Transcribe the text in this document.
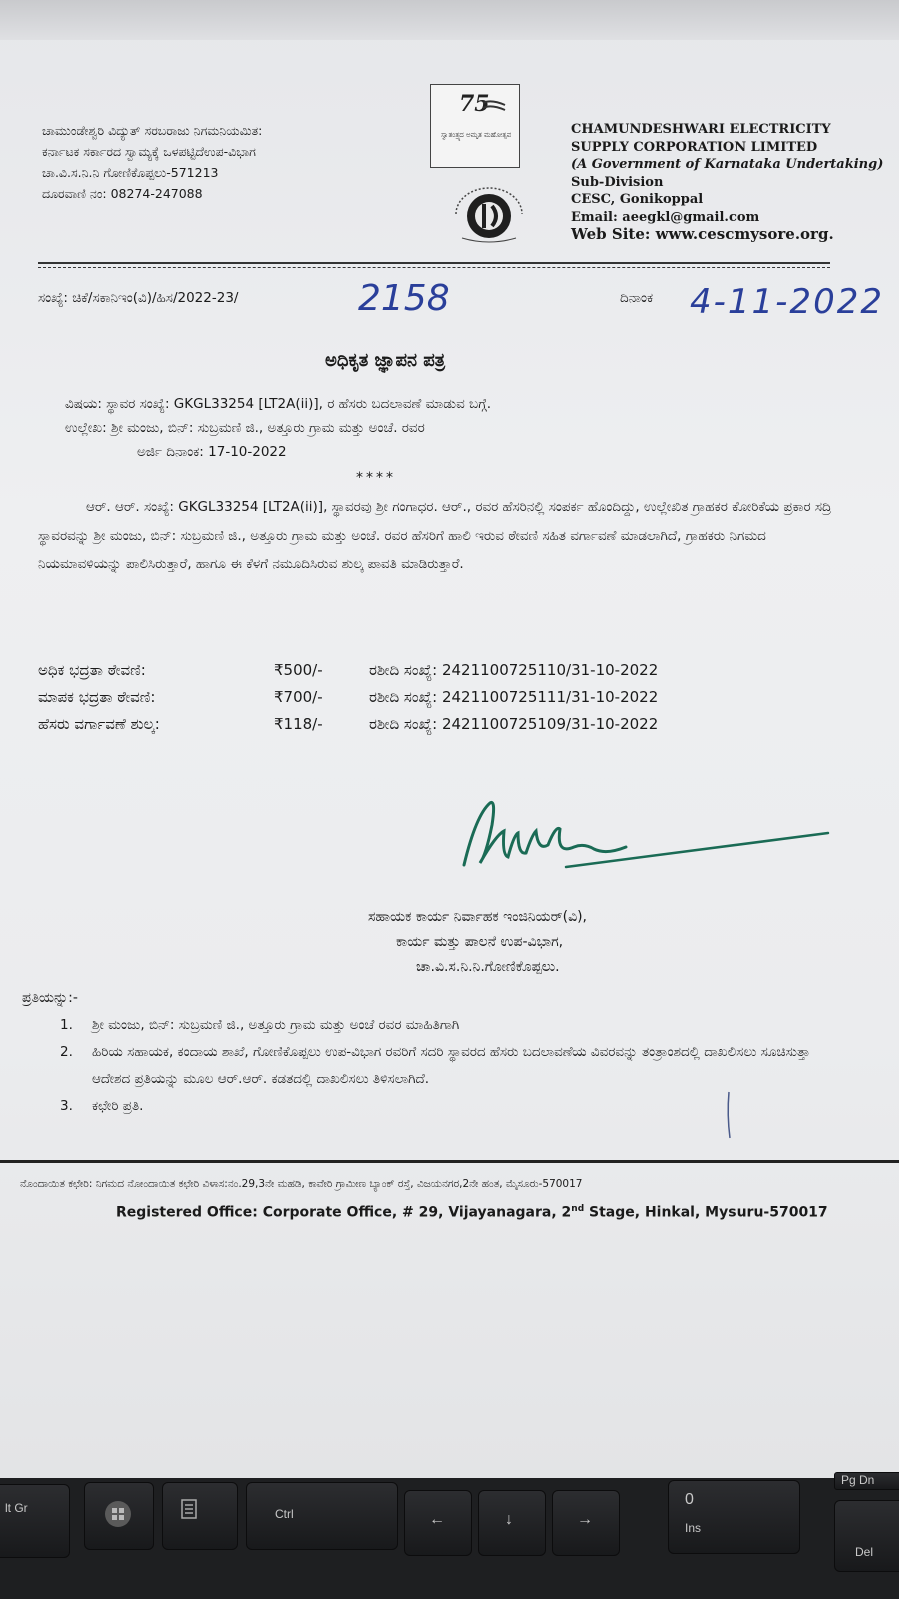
ಚಾಮುಂಡೇಶ್ವರಿ ವಿದ್ಯುತ್ ಸರಬರಾಜು ನಿಗಮನಿಯಮಿತ:
ಕರ್ನಾಟಕ ಸರ್ಕಾರದ ಸ್ವಾಮ್ಯಕ್ಕೆ ಒಳಪಟ್ಟಿದೆಉಪ-ವಿಭಾಗ
ಚಾ.ವಿ.ಸ.ನಿ.ನಿ ಗೋಣಿಕೊಪ್ಪಲು-571213
ದೂರವಾಣಿ ನಂ: 08274-247088
75
ಸ್ವಾತಂತ್ರ್ಯದ ಅಮೃತ ಮಹೋತ್ಸವ	CHAMUNDESHWARI ELECTRICITY
SUPPLY CORPORATION LIMITED
(A Government of Karnataka Undertaking)
Sub-Division
CESC, Gonikoppal
Email: aeegkl@gmail.com
Web Site: www.cescmysore.org.
ಸಂಖ್ಯೆ: ಚಿಕೆ/ಸಕಾನಿಇಂ(ವಿ)/ಹಿಸ/2022-23/	2158	ದಿನಾಂಕ 4-11-2022
ಅಧಿಕೃತ ಜ್ಞಾಪನ ಪತ್ರ
ವಿಷಯ: ಸ್ಥಾವರ ಸಂಖ್ಯೆ: GKGL33254 [LT2A(ii)], ರ ಹೆಸರು ಬದಲಾವಣೆ ಮಾಡುವ ಬಗ್ಗೆ.
ಉಲ್ಲೇಖ: ಶ್ರೀ ಮಂಜು, ಬಿನ್: ಸುಬ್ರಮಣಿ ಜಿ., ಅತ್ತೂರು ಗ್ರಾಮ ಮತ್ತು ಅಂಚೆ. ರವರ
ಅರ್ಜಿ ದಿನಾಂಕ: 17-10-2022
****

ಆರ್. ಆರ್. ಸಂಖ್ಯೆ: GKGL33254 [LT2A(ii)], ಸ್ಥಾವರವು ಶ್ರೀ ಗಂಗಾಧರ. ಆರ್., ರವರ ಹೆಸರಿನಲ್ಲಿ ಸಂಪರ್ಕ ಹೊಂದಿದ್ದು, ಉಲ್ಲೇಖಿತ ಗ್ರಾಹಕರ ಕೋರಿಕೆಯ ಪ್ರಕಾರ ಸದ್ರಿ ಸ್ಥಾವರವನ್ನು ಶ್ರೀ ಮಂಜು, ಬಿನ್: ಸುಬ್ರಮಣಿ ಜಿ., ಅತ್ತೂರು ಗ್ರಾಮ ಮತ್ತು ಅಂಚೆ. ರವರ ಹೆಸರಿಗೆ ಹಾಲಿ ಇರುವ ಠೇವಣಿ ಸಹಿತ ವರ್ಗಾವಣೆ ಮಾಡಲಾಗಿದೆ, ಗ್ರಾಹಕರು ನಿಗಮದ ನಿಯಮಾವಳಿಯನ್ನು ಪಾಲಿಸಿರುತ್ತಾರೆ, ಹಾಗೂ ಈ ಕೆಳಗೆ ನಮೂದಿಸಿರುವ ಶುಲ್ಕ ಪಾವತಿ ಮಾಡಿರುತ್ತಾರೆ.

ಅಧಿಕ ಭದ್ರತಾ ಠೇವಣಿ:	₹500/-	ರಶೀದಿ ಸಂಖ್ಯೆ: 2421100725110/31-10-2022
ಮಾಪಕ ಭದ್ರತಾ ಠೇವಣಿ:	₹700/-	ರಶೀದಿ ಸಂಖ್ಯೆ: 2421100725111/31-10-2022
ಹೆಸರು ವರ್ಗಾವಣೆ ಶುಲ್ಕ:	₹118/-	ರಶೀದಿ ಸಂಖ್ಯೆ: 2421100725109/31-10-2022
ಸಹಾಯಕ ಕಾರ್ಯ ನಿರ್ವಾಹಕ ಇಂಜಿನಿಯರ್(ವಿ),
ಕಾರ್ಯ ಮತ್ತು ಪಾಲನೆ ಉಪ-ವಿಭಾಗ,
ಚಾ.ವಿ.ಸ.ನಿ.ನಿ.ಗೋಣಿಕೊಪ್ಪಲು.
ಪ್ರತಿಯನ್ನು:-
1. ಶ್ರೀ ಮಂಜು, ಬಿನ್: ಸುಬ್ರಮಣಿ ಜಿ., ಅತ್ತೂರು ಗ್ರಾಮ ಮತ್ತು ಅಂಚೆ ರವರ ಮಾಹಿತಿಗಾಗಿ
2. ಹಿರಿಯ ಸಹಾಯಕ, ಕಂದಾಯ ಶಾಖೆ, ಗೋಣಿಕೊಪ್ಪಲು ಉಪ-ವಿಭಾಗ ರವರಿಗೆ ಸದರಿ ಸ್ಥಾವರದ ಹೆಸರು ಬದಲಾವಣೆಯ ವಿವರವನ್ನು ತಂತ್ರಾಂಶದಲ್ಲಿ ದಾಖಲಿಸಲು ಸೂಚಿಸುತ್ತಾ ಆದೇಶದ ಪ್ರತಿಯನ್ನು ಮೂಲ ಆರ್.ಆರ್. ಕಡತದಲ್ಲಿ ದಾಖಲಿಸಲು ತಿಳಿಸಲಾಗಿದೆ.
3. ಕಛೇರಿ ಪ್ರತಿ.
ನೊಂದಾಯಿತ ಕಛೇರಿ: ನಿಗಮದ ನೋಂದಾಯಿತ ಕಛೇರಿ ವಿಳಾಸ:ನಂ.29,3ನೇ ಮಹಡಿ, ಕಾವೇರಿ ಗ್ರಾಮೀಣ ಬ್ಯಾಂಕ್ ರಸ್ತೆ, ವಿಜಯನಗರ,2ನೇ ಹಂತ, ಮೈಸೂರು-570017
Registered Office: Corporate Office, # 29, Vijayanagara, 2nd Stage, Hinkal, Mysuru-570017
lt Gr	Ctrl	←	↓	→
0
Ins
Pg Dn
Del
